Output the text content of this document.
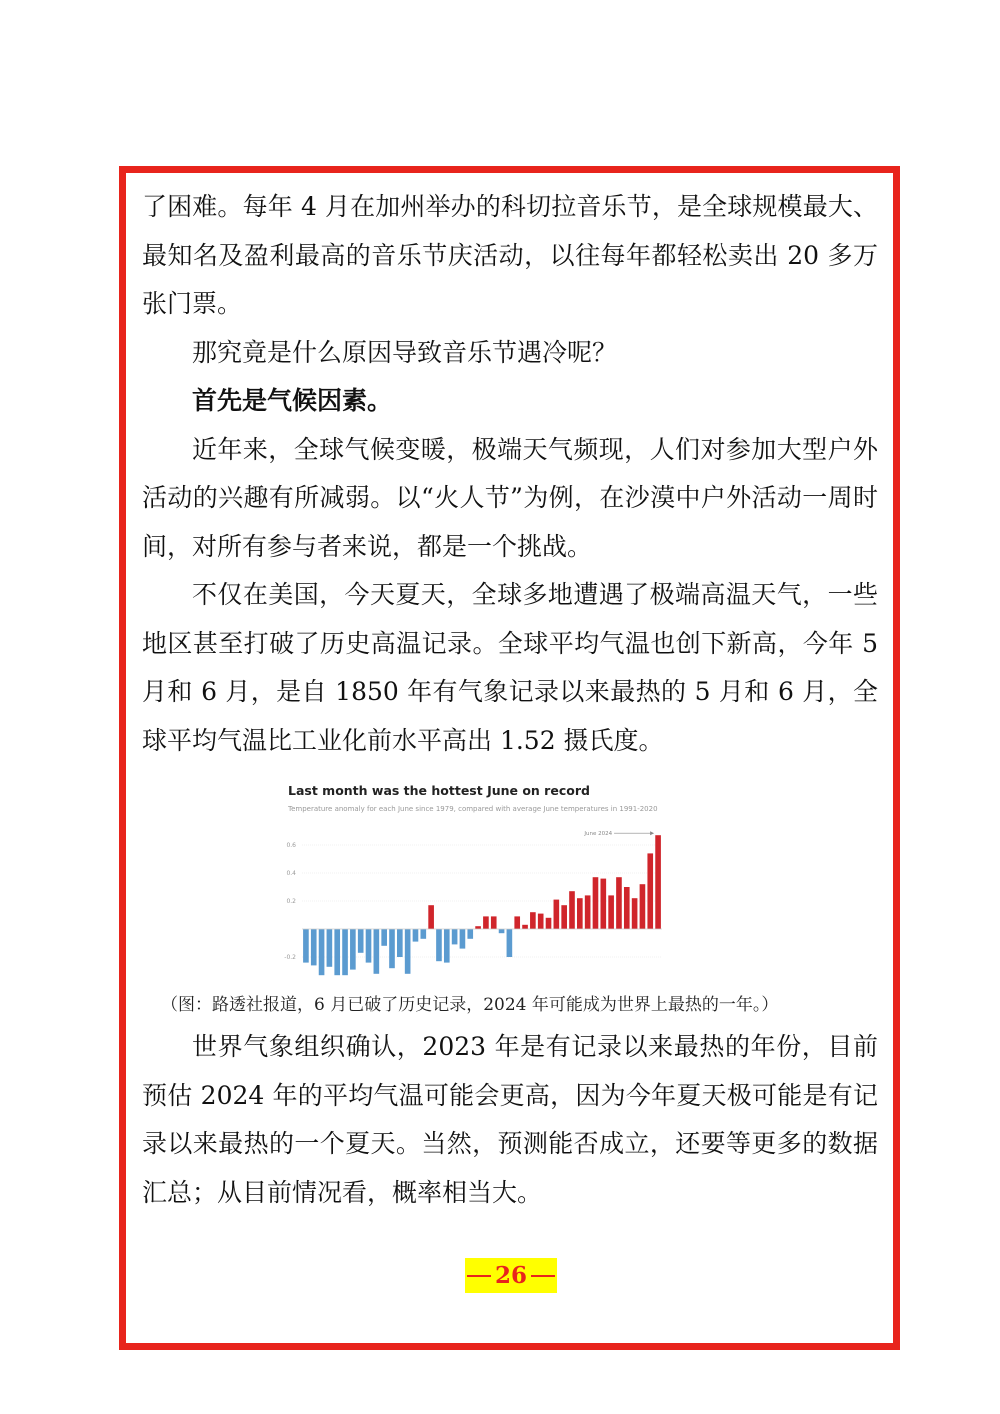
了困难。每年 4 月在加州举办的科切拉音乐节，是全球规模最大、最知名及盈利最高的音乐节庆活动，以往每年都轻松卖出 20 多万张门票。

那究竟是什么原因导致音乐节遇冷呢？

首先是气候因素。

近年来，全球气候变暖，极端天气频现，人们对参加大型户外活动的兴趣有所减弱。以“火人节”为例，在沙漠中户外活动一周时间，对所有参与者来说，都是一个挑战。

不仅在美国，今天夏天，全球多地遭遇了极端高温天气，一些地区甚至打破了历史高温记录。全球平均气温也创下新高，今年 5 月和 6 月，是自 1850 年有气象记录以来最热的 5 月和 6 月，全球平均气温比工业化前水平高出 1.52 摄氏度。

Last month was the hottest June on record
Temperature anomaly for each June since 1979, compared with average June temperatures in 1991-2020
0.6
0.4
0.2
-0.2
June 2024
（图：路透社报道，6 月已破了历史记录，2024 年可能成为世界上最热的一年。）

世界气象组织确认，2023 年是有记录以来最热的年份，目前预估 2024 年的平均气温可能会更高，因为今年夏天极可能是有记录以来最热的一个夏天。当然，预测能否成立，还要等更多的数据汇总；从目前情况看，概率相当大。

26
